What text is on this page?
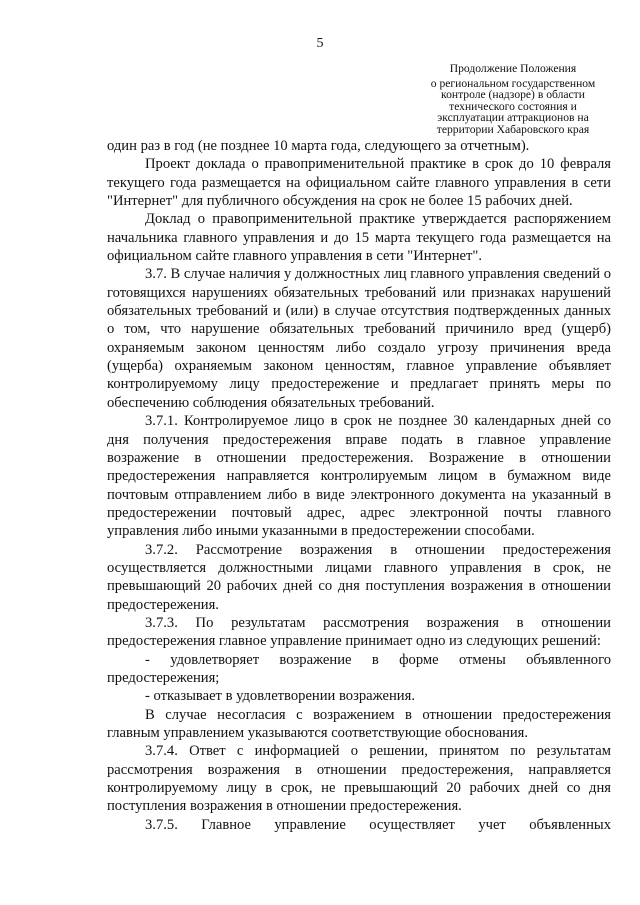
5
Продолжение Положения
о региональном государственном
контроле (надзоре) в области
технического состояния и
эксплуатации аттракционов на
территории Хабаровского края

один раз в год (не позднее 10 марта года, следующего за отчетным).

Проект доклада о правоприменительной практике в срок до 10 февраля текущего года размещается на официальном сайте главного управления в сети "Интернет" для публичного обсуждения на срок не более 15 рабочих дней.

Доклад о правоприменительной практике утверждается распоряжением начальника главного управления и до 15 марта текущего года размещается на официальном сайте главного управления в сети "Интернет".

3.7. В случае наличия у должностных лиц главного управления сведений о готовящихся нарушениях обязательных требований или признаках нарушений обязательных требований и (или) в случае отсутствия подтвержденных данных о том, что нарушение обязательных требований причинило вред (ущерб) охраняемым законом ценностям либо создало угрозу причинения вреда (ущерба) охраняемым законом ценностям, главное управление объявляет контролируемому лицу предостережение и предлагает принять меры по обеспечению соблюдения обязательных требований.

3.7.1. Контролируемое лицо в срок не позднее 30 календарных дней со дня получения предостережения вправе подать в главное управление возражение в отношении предостережения. Возражение в отношении предостережения направляется контролируемым лицом в бумажном виде почтовым отправлением либо в виде электронного документа на указанный в предостережении почтовый адрес, адрес электронной почты главного управления либо иными указанными в предостережении способами.

3.7.2. Рассмотрение возражения в отношении предостережения осуществляется должностными лицами главного управления в срок, не превышающий 20 рабочих дней со дня поступления возражения в отношении предостережения.

3.7.3. По результатам рассмотрения возражения в отношении предостережения главное управление принимает одно из следующих решений:

- удовлетворяет возражение в форме отмены объявленного предостережения;

- отказывает в удовлетворении возражения.

В случае несогласия с возражением в отношении предостережения главным управлением указываются соответствующие обоснования.

3.7.4. Ответ с информацией о решении, принятом по результатам рассмотрения возражения в отношении предостережения, направляется контролируемому лицу в срок, не превышающий 20 рабочих дней со дня поступления возражения в отношении предостережения.

3.7.5. Главное управление осуществляет учет объявленных
